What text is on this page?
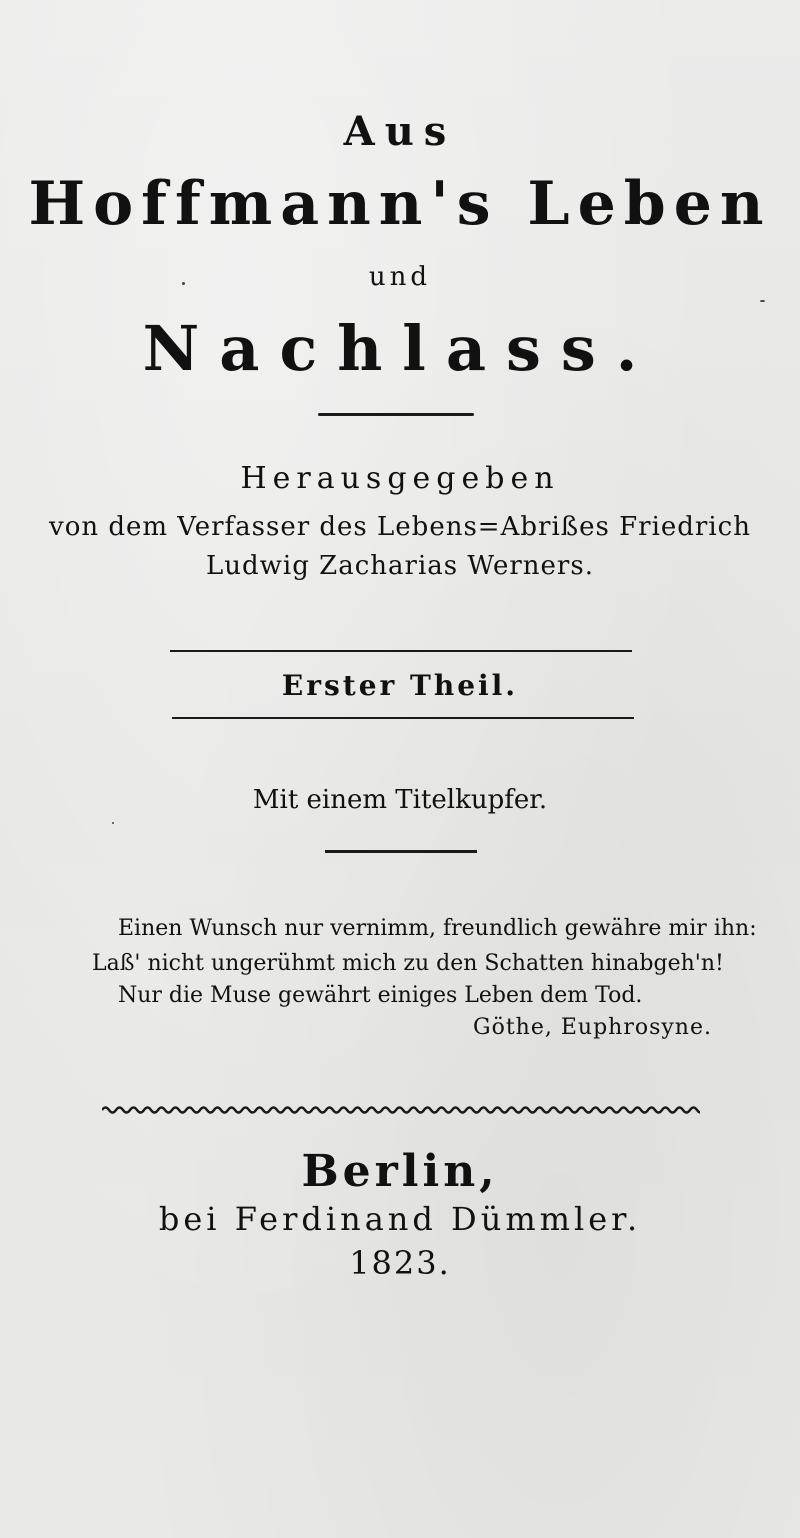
Aus
Hoffmann's Leben
und
Nachlass.
Herausgegeben
von dem Verfasser des Lebens=Abrißes Friedrich
Ludwig Zacharias Werners.
Erster Theil.
Mit einem Titelkupfer.
Einen Wunsch nur vernimm, freundlich gewähre mir ihn:
Laß' nicht ungerühmt mich zu den Schatten hinabgeh'n!
Nur die Muse gewährt einiges Leben dem Tod.
Göthe, Euphrosyne.
Berlin,
bei Ferdinand Dümmler.
1823.
